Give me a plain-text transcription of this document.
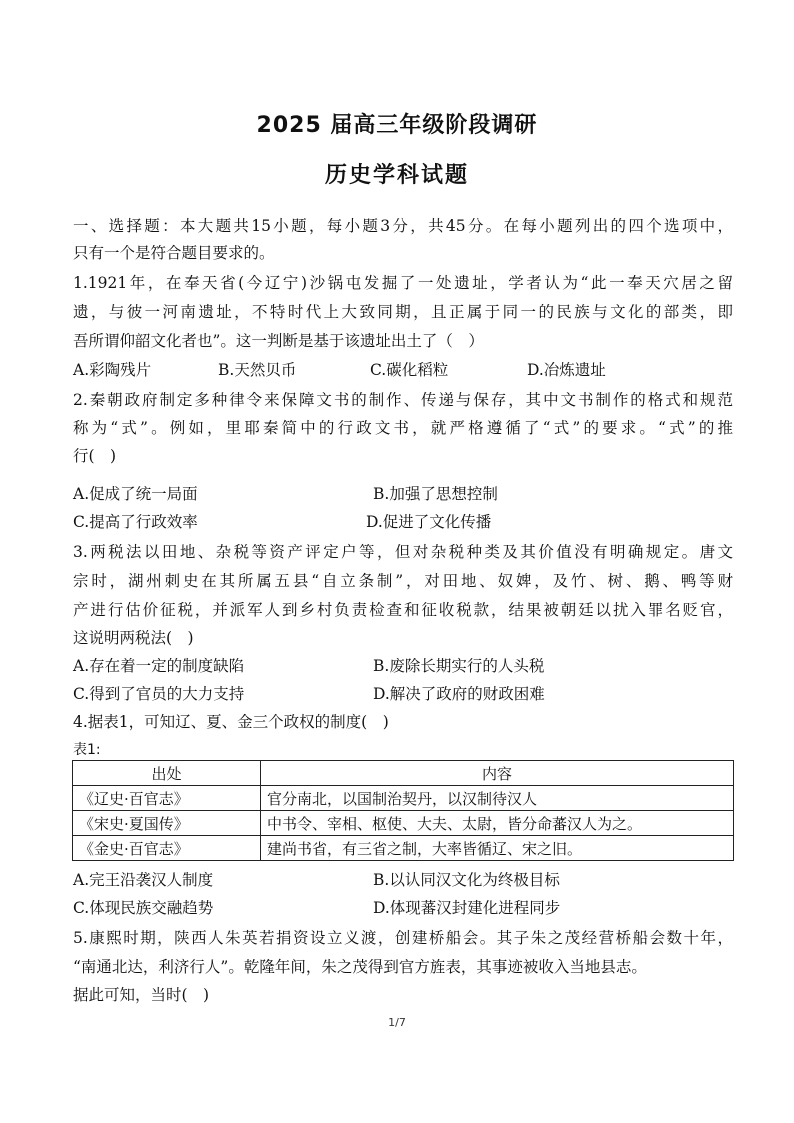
2025 届高三年级阶段调研
历史学科试题
一、选择题：本大题共15小题，每小题3分，共45分。在每小题列出的四个选项中，
只有一个是符合题目要求的。
1.1921年，在奉天省(今辽宁)沙锅屯发掘了一处遗址，学者认为“此一奉天穴居之留
遗，与彼一河南遗址，不特时代上大致同期，且正属于同一的民族与文化的部类，即
吾所谓仰韶文化者也”。这一判断是基于该遗址出土了（　）
A.彩陶残片	B.天然贝币	C.碳化稻粒	D.冶炼遗址
2.秦朝政府制定多种律令来保障文书的制作、传递与保存，其中文书制作的格式和规范
称为“式”。例如，里耶秦简中的行政文书，就严格遵循了“式”的要求。“式”的推
行(　)
A.促成了统一局面	B.加强了思想控制
C.提高了行政效率	D.促进了文化传播
3.两税法以田地、杂税等资产评定户等，但对杂税种类及其价值没有明确规定。唐文
宗时，湖州刺史在其所属五县“自立条制”，对田地、奴婢，及竹、树、鹅、鸭等财
产进行估价征税，并派军人到乡村负责检查和征收税款，结果被朝廷以扰入罪名贬官，
这说明两税法(　)
A.存在着一定的制度缺陷	B.废除长期实行的人头税
C.得到了官员的大力支持	D.解决了政府的财政困难
4.据表1，可知辽、夏、金三个政权的制度(　)
表1:
出处	内容
《辽史·百官志》	官分南北，以国制治契丹，以汉制待汉人
《宋史·夏国传》	中书令、宰相、枢使、大夫、太尉，皆分命蕃汉人为之。
《金史·百官志》	建尚书省，有三省之制，大率皆循辽、宋之旧。
A.完王沿袭汉人制度	B.以认同汉文化为终极目标
C.体现民族交融趋势	D.体现蕃汉封建化进程同步
5.康熙时期，陕西人朱英若捐资设立义渡，创建桥船会。其子朱之茂经营桥船会数十年，
“南通北达，利济行人”。乾隆年间，朱之茂得到官方旌表，其事迹被收入当地县志。
据此可知，当时(　)
1/7
